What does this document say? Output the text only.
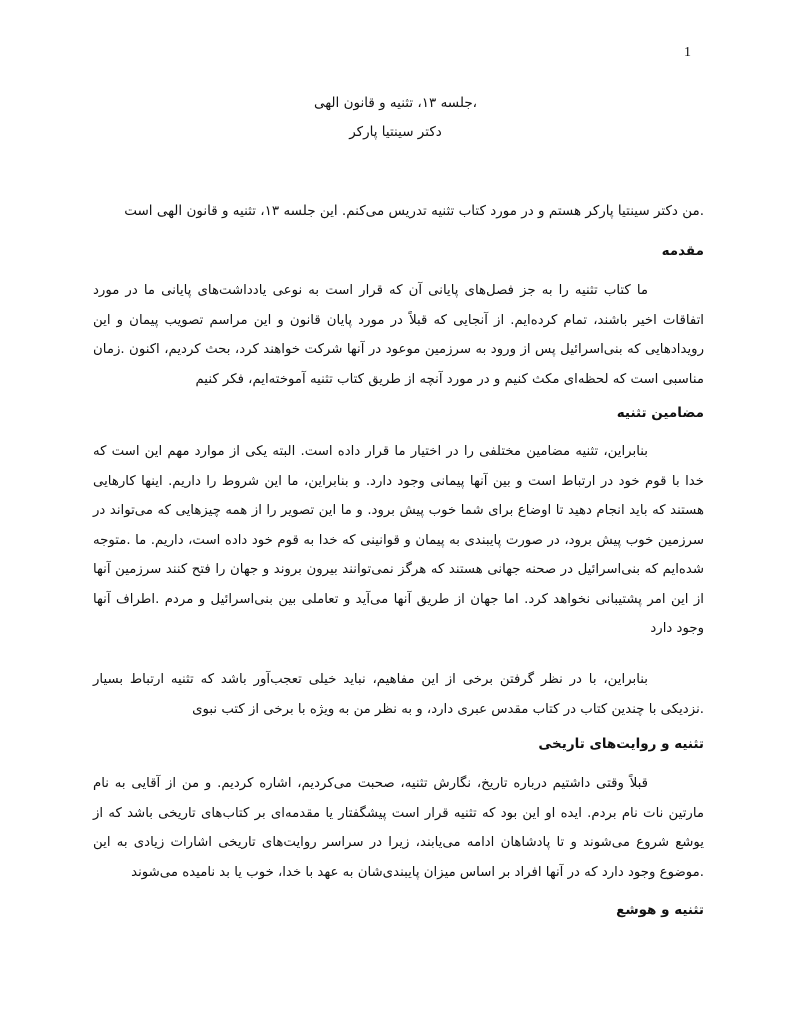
1
،جلسه ۱۳، تثنیه و قانون الهی
دکتر سینتیا پارکر
.من دکتر سینتیا پارکر هستم و در مورد کتاب تثنیه تدریس می‌کنم. این جلسه ۱۳، تثنیه و قانون الهی است
مقدمه
ما کتاب تثنیه را به جز فصل‌های پایانی آن که قرار است به نوعی یادداشت‌های پایانی ما در مورد اتفاقات اخیر باشند، تمام کرده‌ایم. از آنجایی که قبلاً در مورد پایان قانون و این مراسم تصویب پیمان و این رویدادهایی که بنی‌اسرائیل پس از ورود به سرزمین موعود در آنها شرکت خواهند کرد، بحث کردیم، اکنون .زمان مناسبی است که لحظه‌ای مکث کنیم و در مورد آنچه از طریق کتاب تثنیه آموخته‌ایم، فکر کنیم
مضامین تثنیه
بنابراین، تثنیه مضامین مختلفی را در اختیار ما قرار داده است. البته یکی از موارد مهم این است که خدا با قوم خود در ارتباط است و بین آنها پیمانی وجود دارد. و بنابراین، ما این شروط را داریم. اینها کارهایی هستند که باید انجام دهید تا اوضاع برای شما خوب پیش برود. و ما این تصویر را از همه چیزهایی که می‌تواند در سرزمین خوب پیش برود، در صورت پایبندی به پیمان و قوانینی که خدا به قوم خود داده است، داریم. ما .متوجه شده‌ایم که بنی‌اسرائیل در صحنه جهانی هستند که هرگز نمی‌توانند بیرون بروند و جهان را فتح کنند سرزمین آنها از این امر پشتیبانی نخواهد کرد. اما جهان از طریق آنها می‌آید و تعاملی بین بنی‌اسرائیل و مردم .اطراف آنها وجود دارد
بنابراین، با در نظر گرفتن برخی از این مفاهیم، نباید خیلی تعجب‌آور باشد که تثنیه ارتباط بسیار .نزدیکی با چندین کتاب در کتاب مقدس عبری دارد، و به نظر من به ویژه با برخی از کتب نبوی
تثنیه و روایت‌های تاریخی
قبلاً وقتی داشتیم درباره تاریخ، نگارش تثنیه، صحبت می‌کردیم، اشاره کردیم. و من از آقایی به نام مارتین نات نام بردم. ایده او این بود که تثنیه قرار است پیشگفتار یا مقدمه‌ای بر کتاب‌های تاریخی باشد که از یوشع شروع می‌شوند و تا پادشاهان ادامه می‌یابند، زیرا در سراسر روایت‌های تاریخی اشارات زیادی به این .موضوع وجود دارد که در آنها افراد بر اساس میزان پایبندی‌شان به عهد با خدا، خوب یا بد نامیده می‌شوند
تثنیه و هوشع
